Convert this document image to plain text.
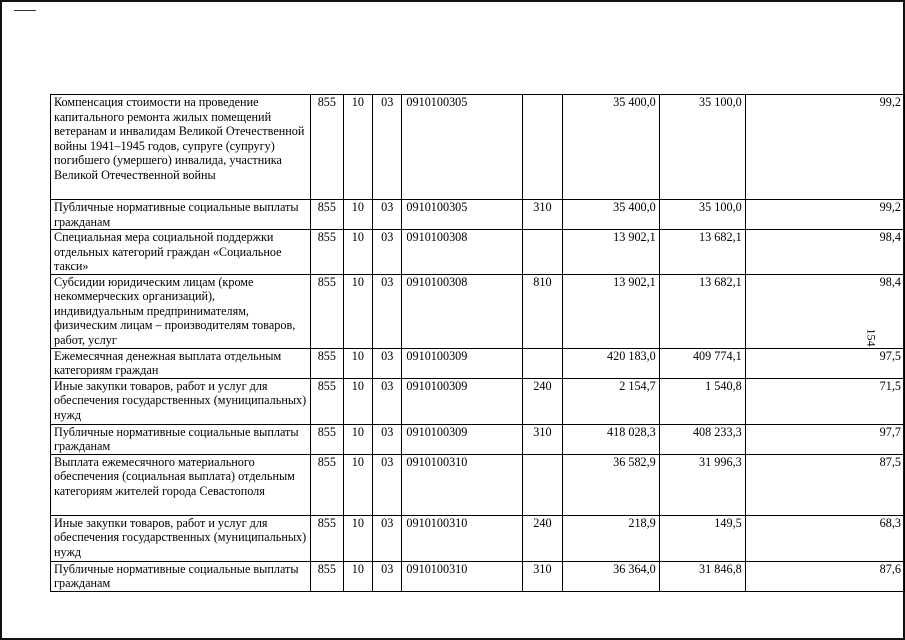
Компенсация стоимости на проведение капитального ремонта жилых помещений ветеранам и инвалидам Великой Отечественной войны 1941–1945 годов, супруге (супругу) погибшего (умершего) инвалида, участника Великой Отечественной войны	855	10	03	0910100305		35 400,0	35 100,0	99,2
Публичные нормативные социальные выплаты гражданам	855	10	03	0910100305	310	35 400,0	35 100,0	99,2
Специальная мера социальной поддержки отдельных категорий граждан «Социальное такси»	855	10	03	0910100308		13 902,1	13 682,1	98,4
Субсидии юридическим лицам (кроме некоммерческих организаций), индивидуальным предпринимателям, физическим лицам – производителям товаров, работ, услуг	855	10	03	0910100308	810	13 902,1	13 682,1	98,4
Ежемесячная денежная выплата отдельным категориям граждан	855	10	03	0910100309		420 183,0	409 774,1	97,5
Иные закупки товаров, работ и услуг для обеспечения государственных (муниципальных) нужд	855	10	03	0910100309	240	2 154,7	1 540,8	71,5
Публичные нормативные социальные выплаты гражданам	855	10	03	0910100309	310	418 028,3	408 233,3	97,7
Выплата ежемесячного материального обеспечения (социальная выплата) отдельным категориям жителей города Севастополя	855	10	03	0910100310		36 582,9	31 996,3	87,5
Иные закупки товаров, работ и услуг для обеспечения государственных (муниципальных) нужд	855	10	03	0910100310	240	218,9	149,5	68,3
Публичные нормативные социальные выплаты гражданам	855	10	03	0910100310	310	36 364,0	31 846,8	87,6
154
